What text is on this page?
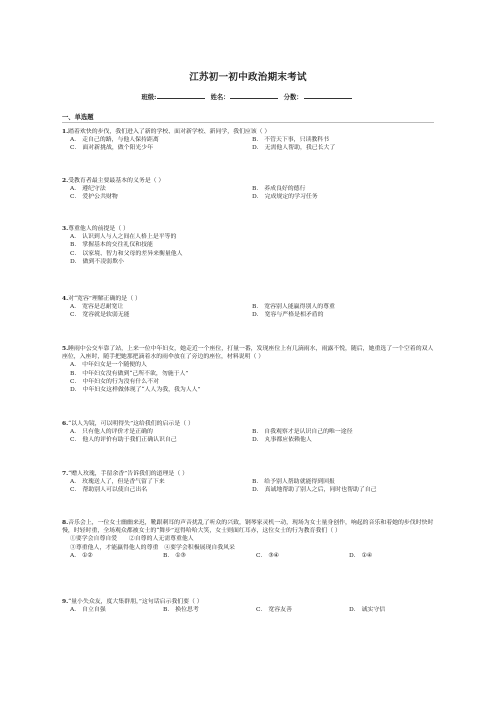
江苏初一初中政治期末考试
班级:	姓名：	分数：
一、单选题
1.踏着欢快的步伐，我们进入了新的学校、面对新学校、新同学，我们应该（ ）
A． 走自己的路，与他人保持距离	B． 不管天下事，只读教科书
C． 面对新挑战，做个阳光少年	D． 无需他人帮助，我已长大了
2.受教育者最主要最基本的义务是（ ）
A． 遵纪守法	B． 养成良好的德行
C． 爱护公共财物	D． 完成规定的学习任务
3.尊重他人的前提是（ ）
A． 认识到人与人之间在人格上是平等的
B． 掌握基本的交往礼仪和技能
C． 以家境、智力和父母的差异来衡量他人
D． 做到不凌弱欺小
4.对“宽容”理解正确的是（ ）
A． 宽容是忍耐宽让	B． 宽容别人能赢得别人的尊重
C． 宽容就是软弱无能	D． 宽容与严格是相矛盾的
5.睡雨中公交车靠了站，上来一位中年妇女，她走近一个座位，打量一番，发现座位上有几滴雨水，雨露不悦，随后，她重选了一个空着的双人座位，入座时，随手把她那把滴着水的雨伞放在了旁边的座位，材料说明（ ）
A． 中年妇女是一个随便的人
B． 中年妇女没有做到“己所不欲，勿施于人”
C． 中年妇女的行为没有什么不对
D． 中年妇女这样做体现了“人人为我，我为人人”
6.“以人为镜，可以明得失”这给我们的启示是（ ）
A． 只有他人的评价才是正确的	B． 自我观察才是认识自己的唯一途径
C． 他人的评价有助于我们正确认识自己	D． 丸事都应依赖他人
7.“赠人玫瑰，手留余香”告诉我们的道理是（ ）
A． 玫瑰送人了，但是香气留了下来	B． 给予别人帮助就能得到回报
C． 帮助别人可以使自己出名	D． 真诚地帮助了别人之后，同时也帮助了自己
8.音乐会上，一位女士幽幽来迟，靴跟刺耳的声音扰乱了听众的兴致，钢琴家灵机一动，现场为女士量身创作，响起的音乐和着她的步伐时快时慢，时轻时重，全场观众都被女士的“舞步”逗得哈哈大笑，女士则面红耳赤，这位女士的行为教育我们（ ）
①要学会自尊自爱　　②自尊的人无需尊重他人
③尊重他人，才能赢得他人的尊重　④要学会积极展现自我风采
A． ①②	B． ①③	C． ③④	D． ①④
9.“量小失众友，度大集群朋，”这句话启示我们要（ ）
A． 自立自强	B． 换位思考	C． 宽容友善	D． 诚实守信
